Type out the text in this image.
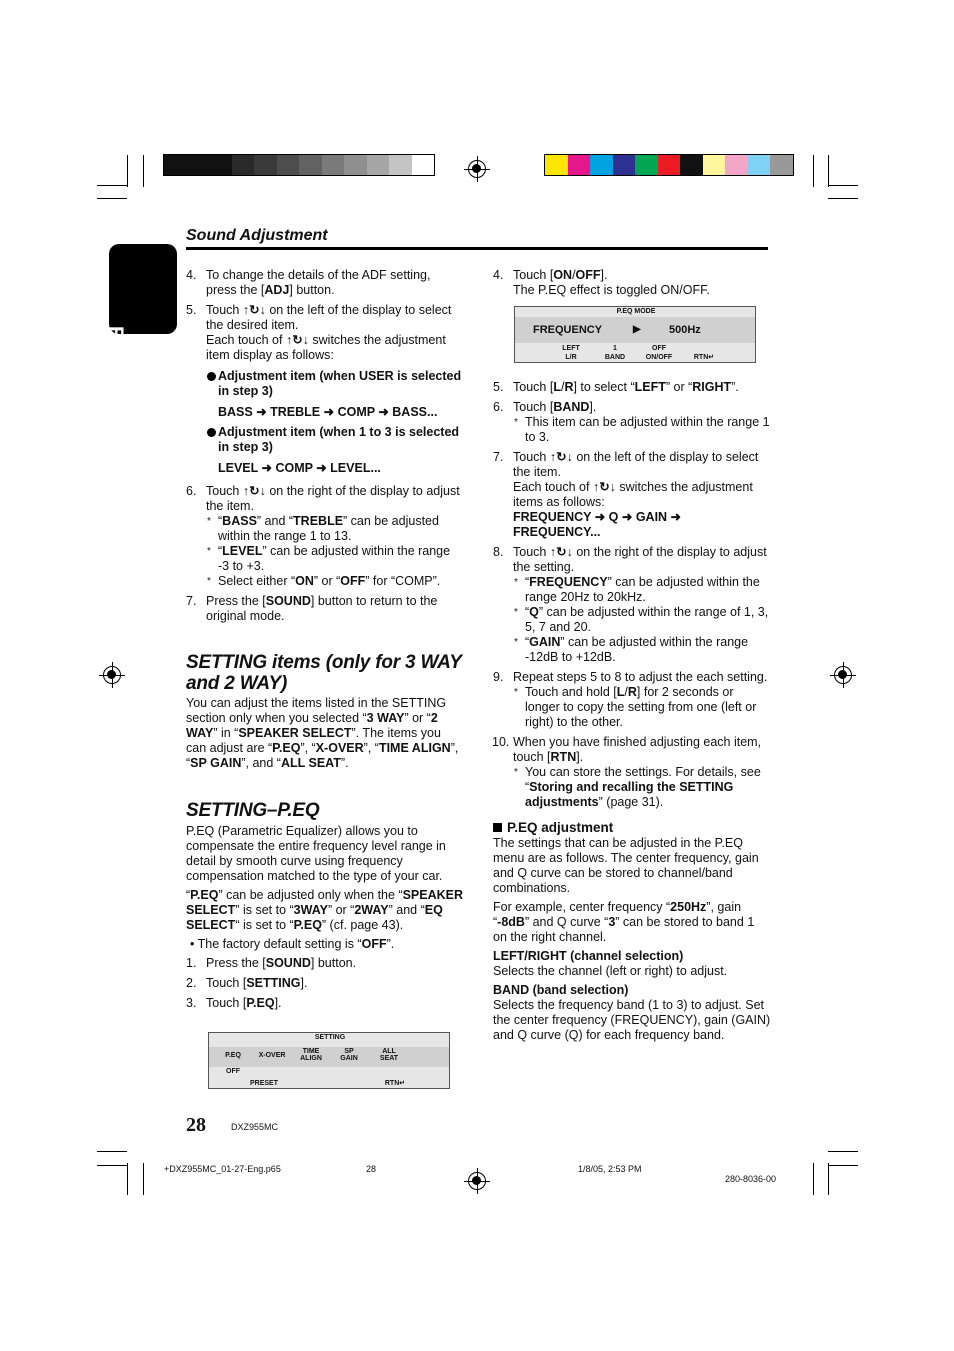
English
Sound Adjustment
4. To change the details of the ADF setting, press the [ADJ] button.
5. Touch ↑↻↓ on the left of the display to select the desired item.
Each touch of ↑↻↓ switches the adjustment item display as follows:
Adjustment item (when USER is selected in step 3)
BASS ➜ TREBLE ➜ COMP ➜ BASS...
Adjustment item (when 1 to 3 is selected in step 3)
LEVEL ➜ COMP ➜ LEVEL...
6. Touch ↑↻↓ on the right of the display to adjust the item.
* “BASS” and “TREBLE” can be adjusted within the range 1 to 13.
* “LEVEL” can be adjusted within the range -3 to +3.
* Select either “ON” or “OFF” for “COMP”.
7. Press the [SOUND] button to return to the original mode.
SETTING items (only for 3 WAY and 2 WAY)
You can adjust the items listed in the SETTING section only when you selected “3 WAY” or “2 WAY” in “SPEAKER SELECT”. The items you can adjust are “P.EQ”, “X-OVER”, “TIME ALIGN”, “SP GAIN”, and “ALL SEAT”.
SETTING–P.EQ
P.EQ (Parametric Equalizer) allows you to compensate the entire frequency level range in detail by smooth curve using frequency compensation matched to the type of your car.
“P.EQ” can be adjusted only when the “SPEAKER SELECT” is set to “3WAY” or “2WAY” and “EQ SELECT“ is set to “P.EQ” (cf. page 43).
• The factory default setting is “OFF”.
1. Press the [SOUND] button.
2. Touch [SETTING].
3. Touch [P.EQ].
SETTING
P.EQ	X-OVER
TIME ALIGN
SP GAIN
ALL SEAT
OFF
PRESET	RTN↵
4. Touch [ON/OFF].
The P.EQ effect is toggled ON/OFF.
P.EQ MODE
FREQUENCY	▶	500Hz
LEFT
L/R
1
BAND
OFF
ON/OFF	RTN↵
5. Touch [L/R] to select “LEFT” or “RIGHT”.
6. Touch [BAND].
* This item can be adjusted within the range 1 to 3.
7. Touch ↑↻↓ on the left of the display to select the item.
Each touch of ↑↻↓ switches the adjustment items as follows:
FREQUENCY ➜ Q ➜ GAIN ➜ FREQUENCY...
8. Touch ↑↻↓ on the right of the display to adjust the setting.
* “FREQUENCY” can be adjusted within the range 20Hz to 20kHz.
* “Q” can be adjusted within the range of 1, 3, 5, 7 and 20.
* “GAIN” can be adjusted within the range -12dB to +12dB.
9. Repeat steps 5 to 8 to adjust the each setting.
* Touch and hold [L/R] for 2 seconds or longer to copy the setting from one (left or right) to the other.
10. When you have finished adjusting each item, touch [RTN].
* You can store the settings. For details, see “Storing and recalling the SETTING adjustments” (page 31).
P.EQ adjustment
The settings that can be adjusted in the P.EQ menu are as follows. The center frequency, gain and Q curve can be stored to channel/band combinations.
For example, center frequency “250Hz”, gain “-8dB” and Q curve “3” can be stored to band 1 on the right channel.
LEFT/RIGHT (channel selection)
Selects the channel (left or right) to adjust.
BAND (band selection)
Selects the frequency band (1 to 3) to adjust. Set the center frequency (FREQUENCY), gain (GAIN) and Q curve (Q) for each frequency band.
28	DXZ955MC
+DXZ955MC_01-27-Eng.p65	28	1/8/05, 2:53 PM
280-8036-00
